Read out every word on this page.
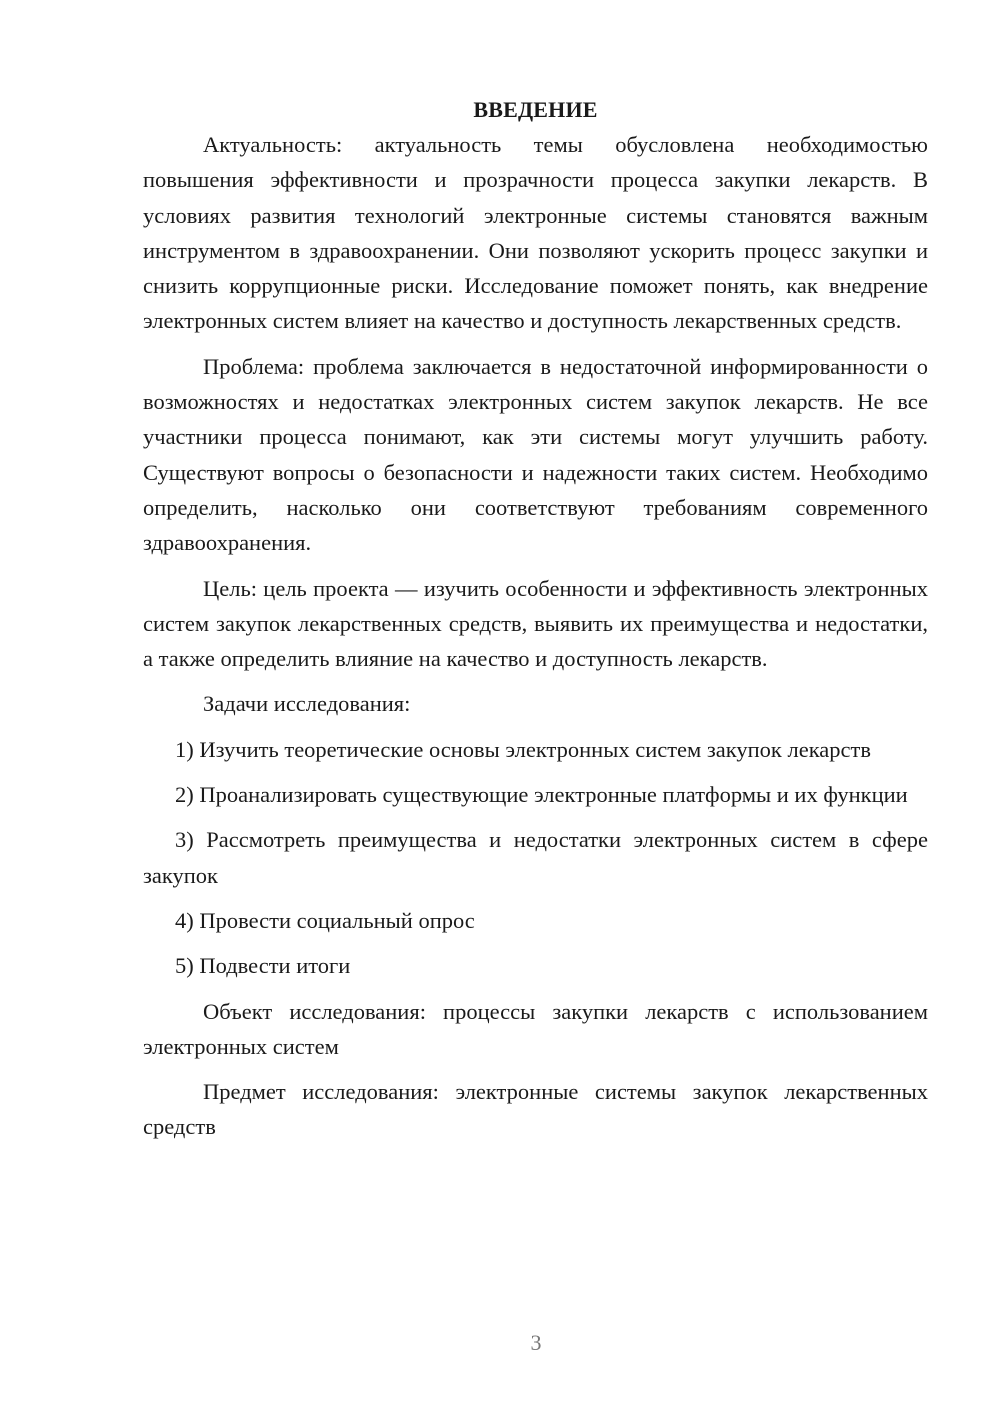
ВВЕДЕНИЕ

Актуальность: актуальность темы обусловлена необходимостью повышения эффективности и прозрачности процесса закупки лекарств. В условиях развития технологий электронные системы становятся важным инструментом в здравоохранении. Они позволяют ускорить процесс закупки и снизить коррупционные риски. Исследование поможет понять, как внедрение электронных систем влияет на качество и доступность лекарственных средств.

Проблема: проблема заключается в недостаточной информированности о возможностях и недостатках электронных систем закупок лекарств. Не все участники процесса понимают, как эти системы могут улучшить работу. Существуют вопросы о безопасности и надежности таких систем. Необходимо определить, насколько они соответствуют требованиям современного здравоохранения.

Цель: цель проекта — изучить особенности и эффективность электронных систем закупок лекарственных средств, выявить их преимущества и недостатки, а также определить влияние на качество и доступность лекарств.

Задачи исследования:

1) Изучить теоретические основы электронных систем закупок лекарств

2) Проанализировать существующие электронные платформы и их функции

3) Рассмотреть преимущества и недостатки электронных систем в сфере закупок

4) Провести социальный опрос

5) Подвести итоги

Объект исследования: процессы закупки лекарств с использованием электронных систем

Предмет исследования: электронные системы закупок лекарственных средств

3
